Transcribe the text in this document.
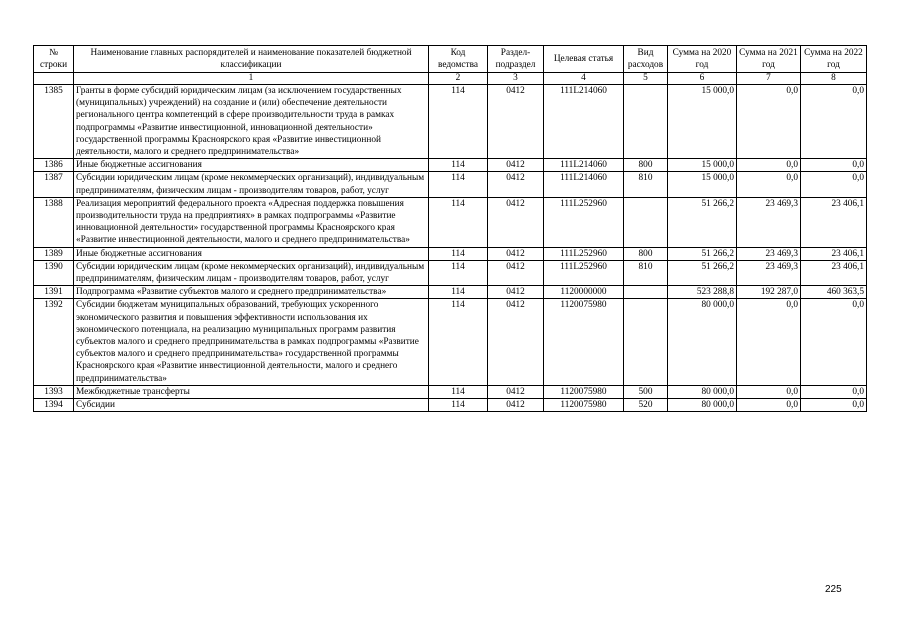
№ строки	Наименование главных распорядителей и наименование показателей бюджетной классификации	Код ведомства	Раздел-подраздел	Целевая статья	Вид расходов	Сумма на 2020 год	Сумма на 2021 год	Сумма на 2022 год
	1	2	3	4	5	6	7	8
1385	Гранты в форме субсидий юридическим лицам (за исключением государственных (муниципальных) учреждений) на создание и (или) обеспечение деятельности регионального центра компетенций в сфере производительности труда в рамках подпрограммы «Развитие инвестиционной, инновационной деятельности» государственной программы Красноярского края «Развитие инвестиционной деятельности, малого и среднего предпринимательства»	114	0412	111L214060		15 000,0	0,0	0,0
1386	Иные бюджетные ассигнования	114	0412	111L214060	800	15 000,0	0,0	0,0
1387	Субсидии юридическим лицам (кроме некоммерческих организаций), индивидуальным предпринимателям, физическим лицам - производителям товаров, работ, услуг	114	0412	111L214060	810	15 000,0	0,0	0,0
1388	Реализация мероприятий федерального проекта «Адресная поддержка повышения производительности труда на предприятиях» в рамках подпрограммы «Развитие инновационной деятельности» государственной программы Красноярского края «Развитие инвестиционной деятельности, малого и среднего предпринимательства»	114	0412	111L252960		51 266,2	23 469,3	23 406,1
1389	Иные бюджетные ассигнования	114	0412	111L252960	800	51 266,2	23 469,3	23 406,1
1390	Субсидии юридическим лицам (кроме некоммерческих организаций), индивидуальным предпринимателям, физическим лицам - производителям товаров, работ, услуг	114	0412	111L252960	810	51 266,2	23 469,3	23 406,1
1391	Подпрограмма «Развитие субъектов малого и среднего предпринимательства»	114	0412	1120000000		523 288,8	192 287,0	460 363,5
1392	Субсидии бюджетам муниципальных образований, требующих ускоренного экономического развития и повышения эффективности использования их экономического потенциала, на реализацию муниципальных программ развития субъектов малого и среднего предпринимательства в рамках подпрограммы «Развитие субъектов малого и среднего предпринимательства» государственной программы Красноярского края «Развитие инвестиционной деятельности, малого и среднего предпринимательства»	114	0412	1120075980		80 000,0	0,0	0,0
1393	Межбюджетные трансферты	114	0412	1120075980	500	80 000,0	0,0	0,0
1394	Субсидии	114	0412	1120075980	520	80 000,0	0,0	0,0
225
